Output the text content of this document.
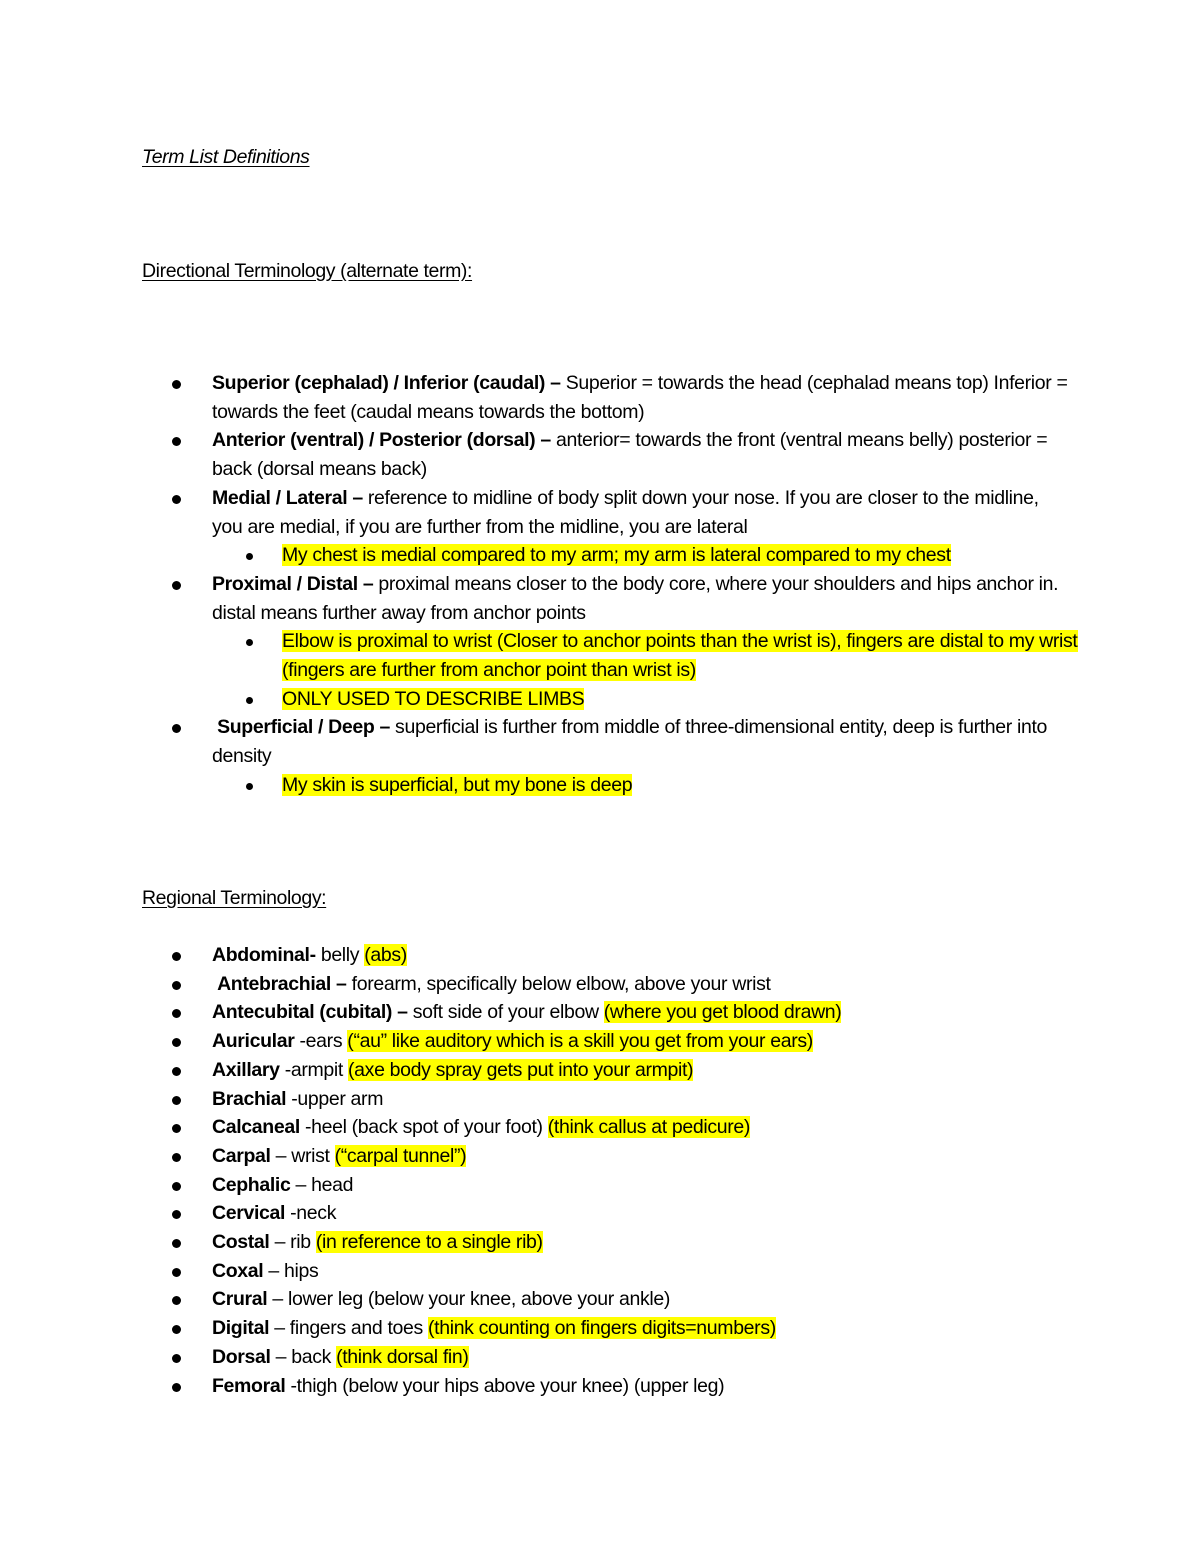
Term List Definitions
Directional Terminology (alternate term):
Superior (cephalad) / Inferior (caudal) – Superior = towards the head (cephalad means top) Inferior = towards the feet (caudal means towards the bottom)
Anterior (ventral) / Posterior (dorsal) – anterior= towards the front (ventral means belly) posterior = back (dorsal means back)
Medial / Lateral – reference to midline of body split down your nose. If you are closer to the midline, you are medial, if you are further from the midline, you are lateral
My chest is medial compared to my arm; my arm is lateral compared to my chest
Proximal / Distal – proximal means closer to the body core, where your shoulders and hips anchor in. distal means further away from anchor points
Elbow is proximal to wrist (Closer to anchor points than the wrist is), fingers are distal to my wrist (fingers are further from anchor point than wrist is)
ONLY USED TO DESCRIBE LIMBS
Superficial / Deep – superficial is further from middle of three-dimensional entity, deep is further into density
My skin is superficial, but my bone is deep
Regional Terminology:
Abdominal- belly (abs)
Antebrachial – forearm, specifically below elbow, above your wrist
Antecubital (cubital) – soft side of your elbow (where you get blood drawn)
Auricular -ears (“au” like auditory which is a skill you get from your ears)
Axillary -armpit (axe body spray gets put into your armpit)
Brachial -upper arm
Calcaneal -heel (back spot of your foot) (think callus at pedicure)
Carpal – wrist (“carpal tunnel”)
Cephalic – head
Cervical -neck
Costal – rib (in reference to a single rib)
Coxal – hips
Crural – lower leg (below your knee, above your ankle)
Digital – fingers and toes (think counting on fingers digits=numbers)
Dorsal – back (think dorsal fin)
Femoral -thigh (below your hips above your knee) (upper leg)
